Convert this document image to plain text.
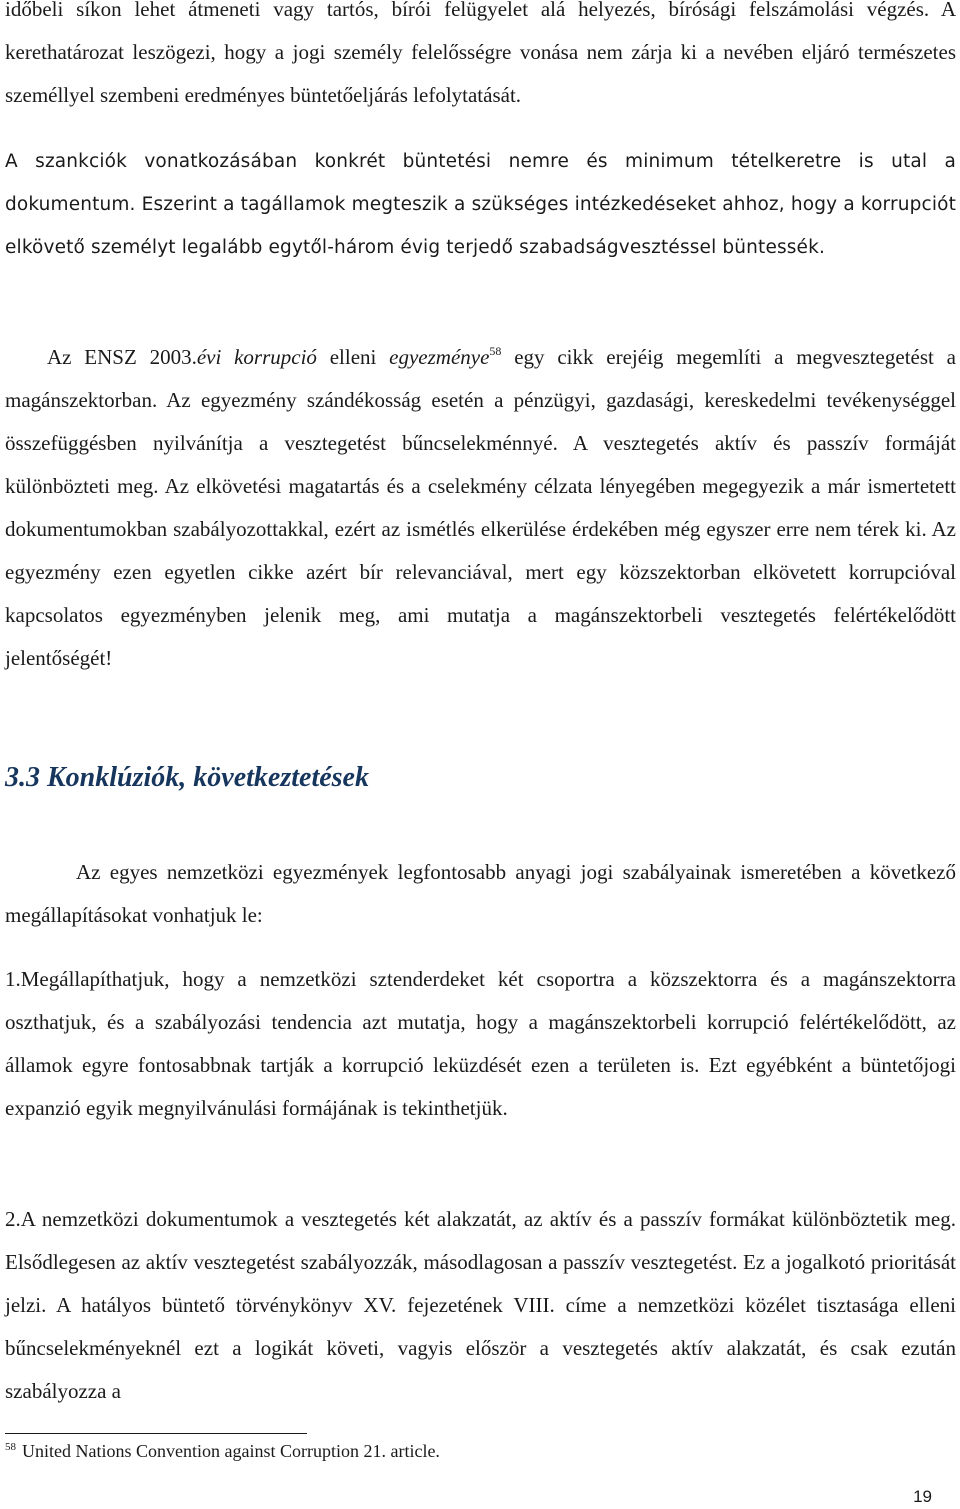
időbeli síkon lehet átmeneti vagy tartós, bírói felügyelet alá helyezés, bírósági felszámolási végzés. A kerethatározat leszögezi, hogy a jogi személy felelősségre vonása nem zárja ki a nevében eljáró természetes személlyel szembeni eredményes büntetőeljárás lefolytatását.

A szankciók vonatkozásában konkrét büntetési nemre és minimum tételkeretre is utal a dokumentum. Eszerint a tagállamok megteszik a szükséges intézkedéseket ahhoz, hogy a korrupciót elkövető személyt legalább egytől-három évig terjedő szabadságvesztéssel büntessék.

Az ENSZ 2003.évi korrupció elleni egyezménye$^{58}$ egy cikk erejéig megemlíti a megvesztegetést a magánszektorban. Az egyezmény szándékosság esetén a pénzügyi, gazdasági, kereskedelmi tevékenységgel összefüggésben nyilvánítja a vesztegetést bűncselekménnyé. A vesztegetés aktív és passzív formáját különbözteti meg. Az elkövetési magatartás és a cselekmény célzata lényegében megegyezik a már ismertetett dokumentumokban szabályozottakkal, ezért az ismétlés elkerülése érdekében még egyszer erre nem térek ki. Az egyezmény ezen egyetlen cikke azért bír relevanciával, mert egy közszektorban elkövetett korrupcióval kapcsolatos egyezményben jelenik meg, ami mutatja a magánszektorbeli vesztegetés felértékelődött jelentőségét!

3.3 Konklúziók, következtetések

Az egyes nemzetközi egyezmények legfontosabb anyagi jogi szabályainak ismeretében a következő megállapításokat vonhatjuk le:

1.Megállapíthatjuk, hogy a nemzetközi sztenderdeket két csoportra a közszektorra és a magánszektorra oszthatjuk, és a szabályozási tendencia azt mutatja, hogy a magánszektorbeli korrupció felértékelődött, az államok egyre fontosabbnak tartják a korrupció leküzdését ezen a területen is. Ezt egyébként a büntetőjogi expanzió egyik megnyilvánulási formájának is tekinthetjük.

2.A nemzetközi dokumentumok a vesztegetés két alakzatát, az aktív és a passzív formákat különböztetik meg. Elsődlegesen az aktív vesztegetést szabályozzák, másodlagosan a passzív vesztegetést. Ez a jogalkotó prioritását jelzi. A hatályos büntető törvénykönyv XV. fejezetének VIII. címe a nemzetközi közélet tisztasága elleni bűncselekményeknél ezt a logikát követi, vagyis először a vesztegetés aktív alakzatát, és csak ezután szabályozza a

$^{58}$ United Nations Convention against Corruption 21. article.

19
